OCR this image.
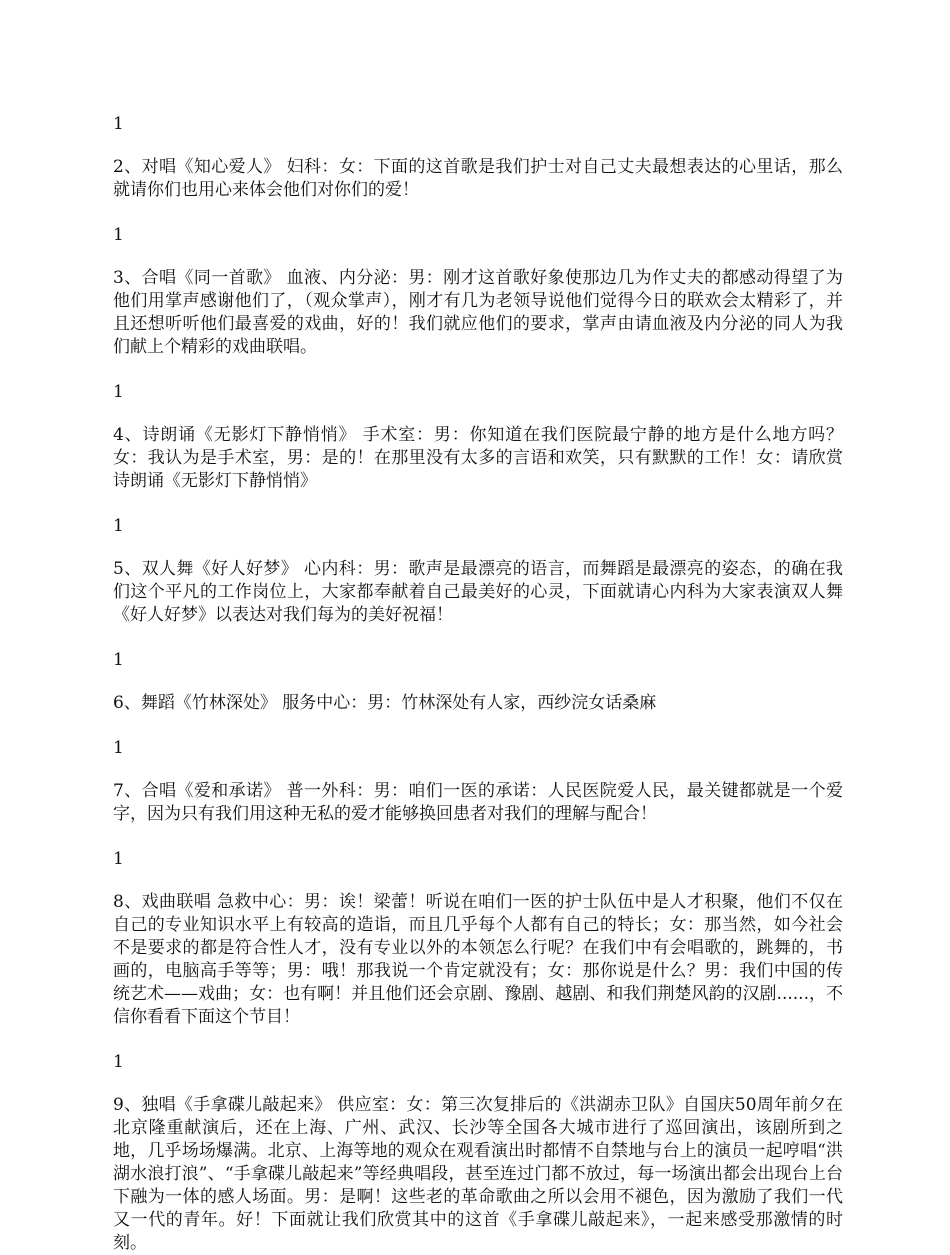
1

2、对唱《知心爱人》 妇科：女：下面的这首歌是我们护士对自己丈夫最想表达的心里话，那么就请你们也用心来体会他们对你们的爱！

1

3、合唱《同一首歌》 血液、内分泌：男：刚才这首歌好象使那边几为作丈夫的都感动得望了为他们用掌声感谢他们了，（观众掌声），刚才有几为老领导说他们觉得今日的联欢会太精彩了，并且还想听听他们最喜爱的戏曲，好的！我们就应他们的要求，掌声由请血液及内分泌的同人为我们献上个精彩的戏曲联唱。

1

4、诗朗诵《无影灯下静悄悄》 手术室：男：你知道在我们医院最宁静的地方是什么地方吗？女：我认为是手术室，男：是的！在那里没有太多的言语和欢笑，只有默默的工作！女：请欣赏诗朗诵《无影灯下静悄悄》

1

5、双人舞《好人好梦》 心内科：男：歌声是最漂亮的语言，而舞蹈是最漂亮的姿态，的确在我们这个平凡的工作岗位上，大家都奉献着自己最美好的心灵，下面就请心内科为大家表演双人舞《好人好梦》以表达对我们每为的美好祝福！

1

6、舞蹈《竹林深处》 服务中心：男：竹林深处有人家，西纱浣女话桑麻

1

7、合唱《爱和承诺》 普一外科：男：咱们一医的承诺：人民医院爱人民，最关键都就是一个爱字，因为只有我们用这种无私的爱才能够换回患者对我们的理解与配合！

1

8、戏曲联唱 急救中心：男：诶！梁蕾！听说在咱们一医的护士队伍中是人才积聚，他们不仅在自己的专业知识水平上有较高的造诣，而且几乎每个人都有自己的特长；女：那当然，如今社会不是要求的都是符合性人才，没有专业以外的本领怎么行呢？在我们中有会唱歌的，跳舞的，书画的，电脑高手等等；男：哦！那我说一个肯定就没有；女：那你说是什么？男：我们中国的传统艺术——戏曲；女：也有啊！并且他们还会京剧、豫剧、越剧、和我们荆楚风韵的汉剧......，不信你看看下面这个节目！

1

9、独唱《手拿碟儿敲起来》 供应室：女：第三次复排后的《洪湖赤卫队》自国庆50周年前夕在北京隆重献演后，还在上海、广州、武汉、长沙等全国各大城市进行了巡回演出，该剧所到之地，几乎场场爆满。北京、上海等地的观众在观看演出时都情不自禁地与台上的演员一起哼唱“洪湖水浪打浪”、“手拿碟儿敲起来”等经典唱段，甚至连过门都不放过，每一场演出都会出现台上台下融为一体的感人场面。男：是啊！这些老的革命歌曲之所以会用不褪色，因为激励了我们一代又一代的青年。好！下面就让我们欣赏其中的这首《手拿碟儿敲起来》，一起来感受那激情的时刻。
